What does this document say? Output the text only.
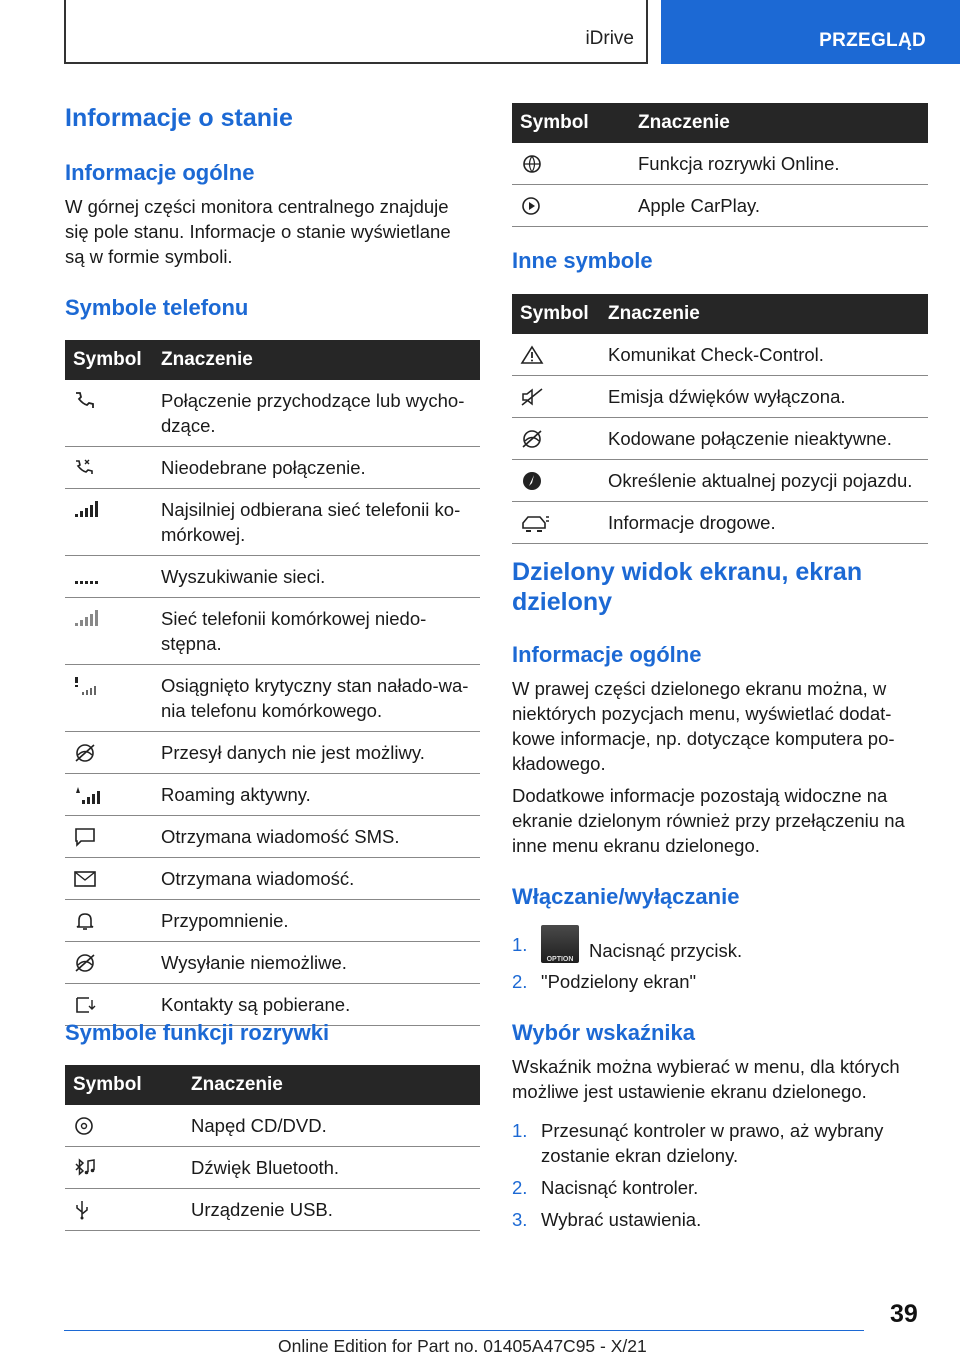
iDrive	PRZEGLĄD
Informacje o stanie
Informacje ogólne

W górnej części monitora centralnego znajduje się pole stanu. Informacje o stanie wyświetlane są w formie symboli.

Symbole telefonu
Symbol	Znaczenie

	Połączenie przychodzące lub wycho-dzące.

	Nieodebrane połączenie.

	Najsilniej odbierana sieć telefonii ko-mórkowej.

	Wyszukiwanie sieci.

	Sieć telefonii komórkowej niedo-stępna.

	Osiągnięto krytyczny stan nałado-wa-nia telefonu komórkowego.

	Przesył danych nie jest możliwy.

	Roaming aktywny.

	Otrzymana wiadomość SMS.

	Otrzymana wiadomość.

	Przypomnienie.

	Wysyłanie niemożliwe.

	Kontakty są pobierane.
Symbole funkcji rozrywki
Symbol	Znaczenie

	Napęd CD/DVD.

	Dźwięk Bluetooth.

	Urządzenie USB.
Symbol	Znaczenie

	Funkcja rozrywki Online.

	Apple CarPlay.
Inne symbole
Symbol	Znaczenie

	Komunikat Check-Control.

	Emisja dźwięków wyłączona.

	Kodowane połączenie nieaktywne.

	Określenie aktualnej pozycji pojazdu.

	Informacje drogowe.
Dzielony widok ekranu, ekran dzielony
Informacje ogólne

W prawej części dzielonego ekranu można, w niektórych pozycjach menu, wyświetlać dodat-kowe informacje, np. dotyczące komputera po-kładowego.

Dodatkowe informacje pozostają widoczne na ekranie dzielonym również przy przełączeniu na inne menu ekranu dzielonego.

Włączanie/wyłączanie
1.
OPTION Nacisnąć przycisk.
2. "Podzielony ekran"
Wybór wskaźnika

Wskaźnik można wybierać w menu, dla których możliwe jest ustawienie ekranu dzielonego.

1. Przesunąć kontroler w prawo, aż wybrany zostanie ekran dzielony.
2. Nacisnąć kontroler.
3. Wybrać ustawienia.
39
Online Edition for Part no. 01405A47C95 - X/21
